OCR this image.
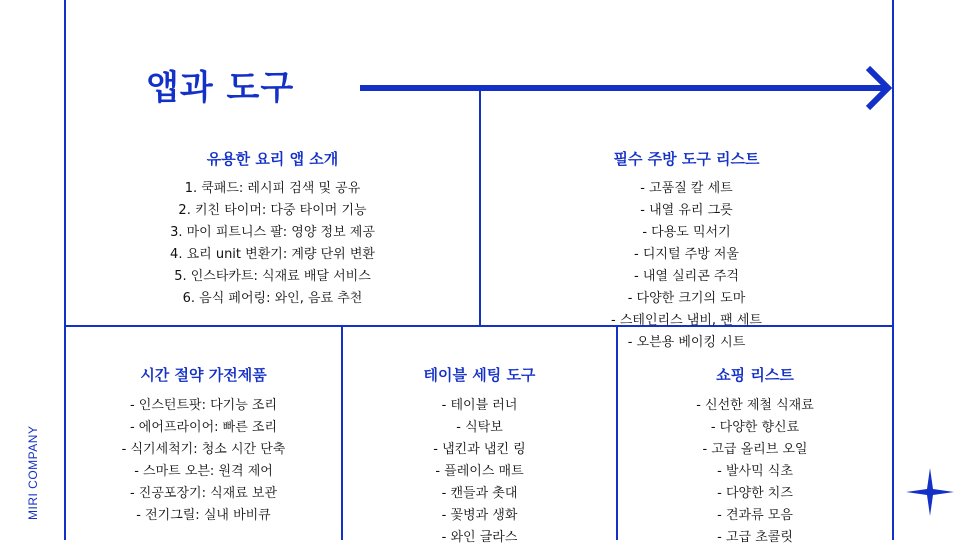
앱과 도구
유용한 요리 앱 소개
1. 쿡패드: 레시피 검색 및 공유
2. 키친 타이머: 다중 타이머 기능
3. 마이 피트니스 팔: 영양 정보 제공
4. 요리 unit 변환기: 계량 단위 변환
5. 인스타카트: 식재료 배달 서비스
6. 음식 페어링: 와인, 음료 추천
필수 주방 도구 리스트
- 고품질 칼 세트
- 내열 유리 그릇
- 다용도 믹서기
- 디지털 주방 저울
- 내열 실리콘 주걱
- 다양한 크기의 도마
- 스테인리스 냄비, 팬 세트
- 오븐용 베이킹 시트
시간 절약 가전제품
- 인스턴트팟: 다기능 조리
- 에어프라이어: 빠른 조리
- 식기세척기: 청소 시간 단축
- 스마트 오븐: 원격 제어
- 진공포장기: 식재료 보관
- 전기그릴: 실내 바비큐
테이블 세팅 도구
- 테이블 러너
- 식탁보
- 냅킨과 냅킨 링
- 플레이스 매트
- 캔들과 촛대
- 꽃병과 생화
- 와인 글라스
쇼핑 리스트
- 신선한 제철 식재료
- 다양한 향신료
- 고급 올리브 오일
- 발사믹 식초
- 다양한 치즈
- 견과류 모음
- 고급 초콜릿
MIRI COMPANY
